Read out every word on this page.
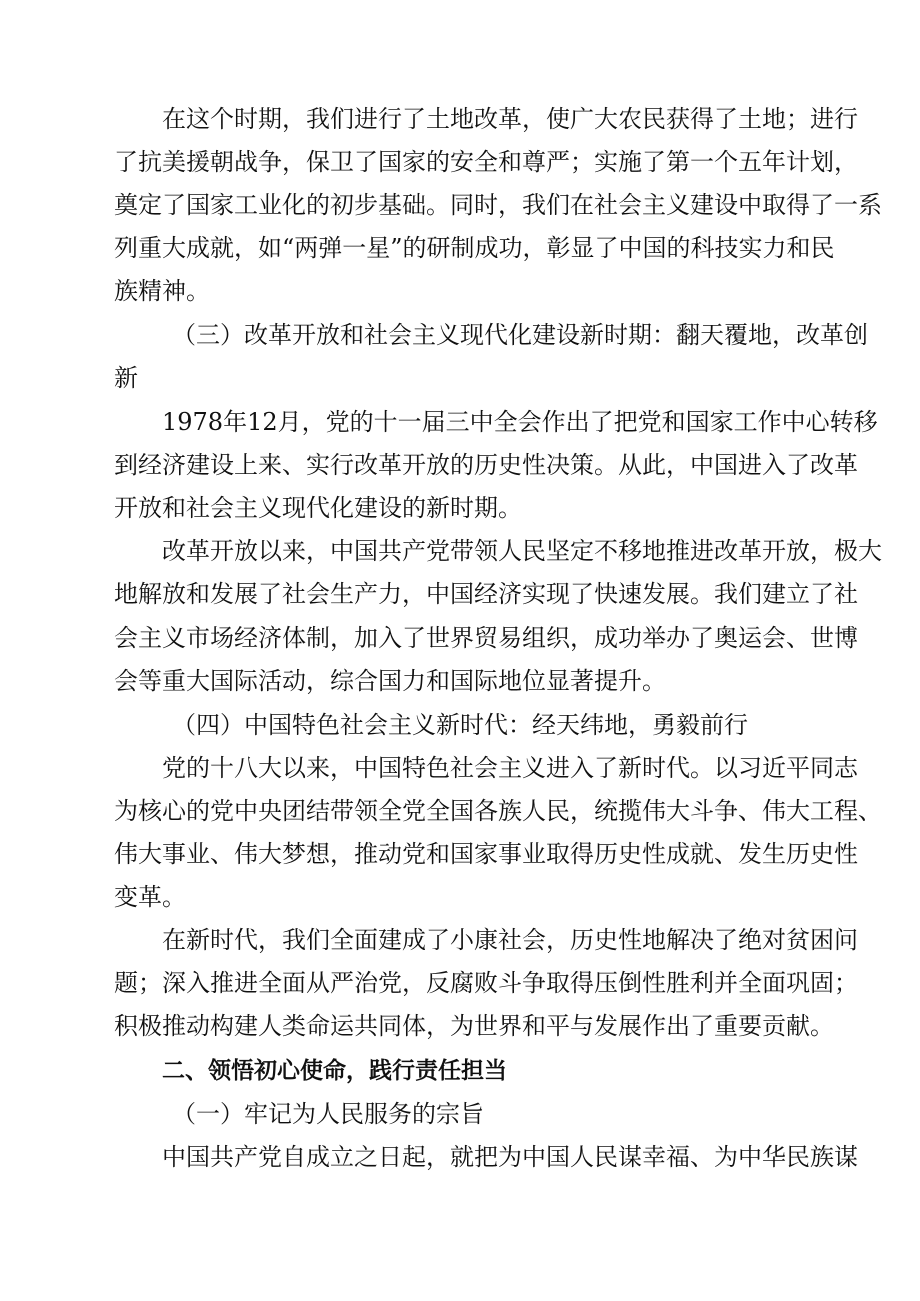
在这个时期，我们进行了土地改革，使广大农民获得了土地；进行

了抗美援朝战争，保卫了国家的安全和尊严；实施了第一个五年计划，

奠定了国家工业化的初步基础。同时，我们在社会主义建设中取得了一系

列重大成就，如“两弹一星”的研制成功，彰显了中国的科技实力和民

族精神。

（三）改革开放和社会主义现代化建设新时期：翻天覆地，改革创

新

1978年12月，党的十一届三中全会作出了把党和国家工作中心转移

到经济建设上来、实行改革开放的历史性决策。从此，中国进入了改革

开放和社会主义现代化建设的新时期。

改革开放以来，中国共产党带领人民坚定不移地推进改革开放，极大

地解放和发展了社会生产力，中国经济实现了快速发展。我们建立了社

会主义市场经济体制，加入了世界贸易组织，成功举办了奥运会、世博

会等重大国际活动，综合国力和国际地位显著提升。

（四）中国特色社会主义新时代：经天纬地，勇毅前行

党的十八大以来，中国特色社会主义进入了新时代。以习近平同志

为核心的党中央团结带领全党全国各族人民，统揽伟大斗争、伟大工程、

伟大事业、伟大梦想，推动党和国家事业取得历史性成就、发生历史性

变革。

在新时代，我们全面建成了小康社会，历史性地解决了绝对贫困问

题；深入推进全面从严治党，反腐败斗争取得压倒性胜利并全面巩固；

积极推动构建人类命运共同体，为世界和平与发展作出了重要贡献。

二、领悟初心使命，践行责任担当

（一）牢记为人民服务的宗旨

中国共产党自成立之日起，就把为中国人民谋幸福、为中华民族谋
